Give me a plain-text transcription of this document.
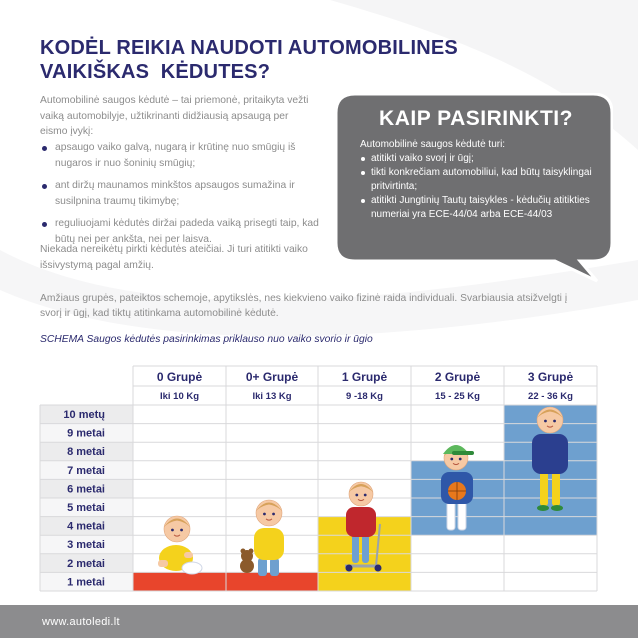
KODĖL REIKIA NAUDOTI AUTOMOBILINES
VAIKIŠKAS  KĖDUTES?

Automobilinė saugos kėdutė – tai priemonė, pritaikyta vežti vaiką automobilyje, užtikrinanti didžiausią apsaugą per eismo įvykį:

apsaugo vaiko galvą, nugarą ir krūtinę nuo smūgių iš nugaros ir nuo šoninių smūgių;
ant diržų maunamos minkštos apsaugos sumažina ir susilpnina traumų tikimybę;
reguliuojami kėdutės diržai padeda vaiką prisegti taip, kad būtų nei per ankšta, nei per laisva.

Niekada nereikėtų pirkti kėdutės ateičiai. Ji turi atitikti vaiko išsivystymą pagal amžių.

KAIP PASIRINKTI?

Automobilinė saugos kėdutė turi:

atitikti vaiko svorį ir ūgį;
tikti konkrečiam automobiliui, kad būtų taisyklingai pritvirtinta;
atitikti Jungtinių Tautų taisykles - kėdučių atitikties numeriai yra ECE-44/04 arba ECE-44/03

Amžiaus grupės, pateiktos schemoje, apytikslės, nes kiekvieno vaiko fizinė raida individuali. Svarbiausia atsižvelgti į svorį ir ūgį, kad tiktų atitinkama automobilinė kėdutė.

SCHEMA Saugos kėdutės pasirinkimas priklauso nuo vaiko svorio ir ūgio

0 Grupė
Iki 10 Kg
0+ Grupė
Iki 13 Kg
1 Grupė
9 -18 Kg
2 Grupė
15 - 25 Kg
3 Grupė
22 - 36 Kg
10 metų
9 metai
8 metai
7 metai
6 metai
5 metai
4 metai
3 metai
2 metai
1 metai
www.autoledi.lt
